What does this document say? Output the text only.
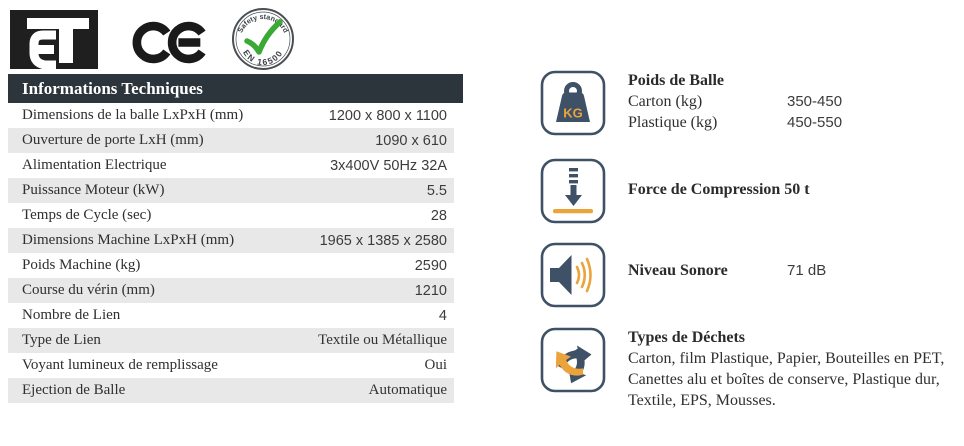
Safety standard
EN 16500
Informations Techniques
Dimensions de la balle LxPxH (mm)	1200 x 800 x 1100
Ouverture de porte LxH (mm)	1090 x 610
Alimentation Electrique	3x400V 50Hz 32A
Puissance Moteur (kW)	5.5
Temps de Cycle (sec)	28
Dimensions Machine LxPxH (mm)	1965 x 1385 x 2580
Poids Machine (kg)	2590
Course du vérin (mm)	1210
Nombre de Lien	4
Type de Lien	Textile ou Métallique
Voyant lumineux de remplissage	Oui
Ejection de Balle	Automatique
KG
Poids de Balle
Carton (kg)	350-450
Plastique (kg)	450-550
Force de Compression 50 t
Niveau Sonore	71 dB
Types de Déchets
Carton, film Plastique, Papier, Bouteilles en PET, Canettes alu et boîtes de conserve, Plastique dur, Textile, EPS, Mousses.
